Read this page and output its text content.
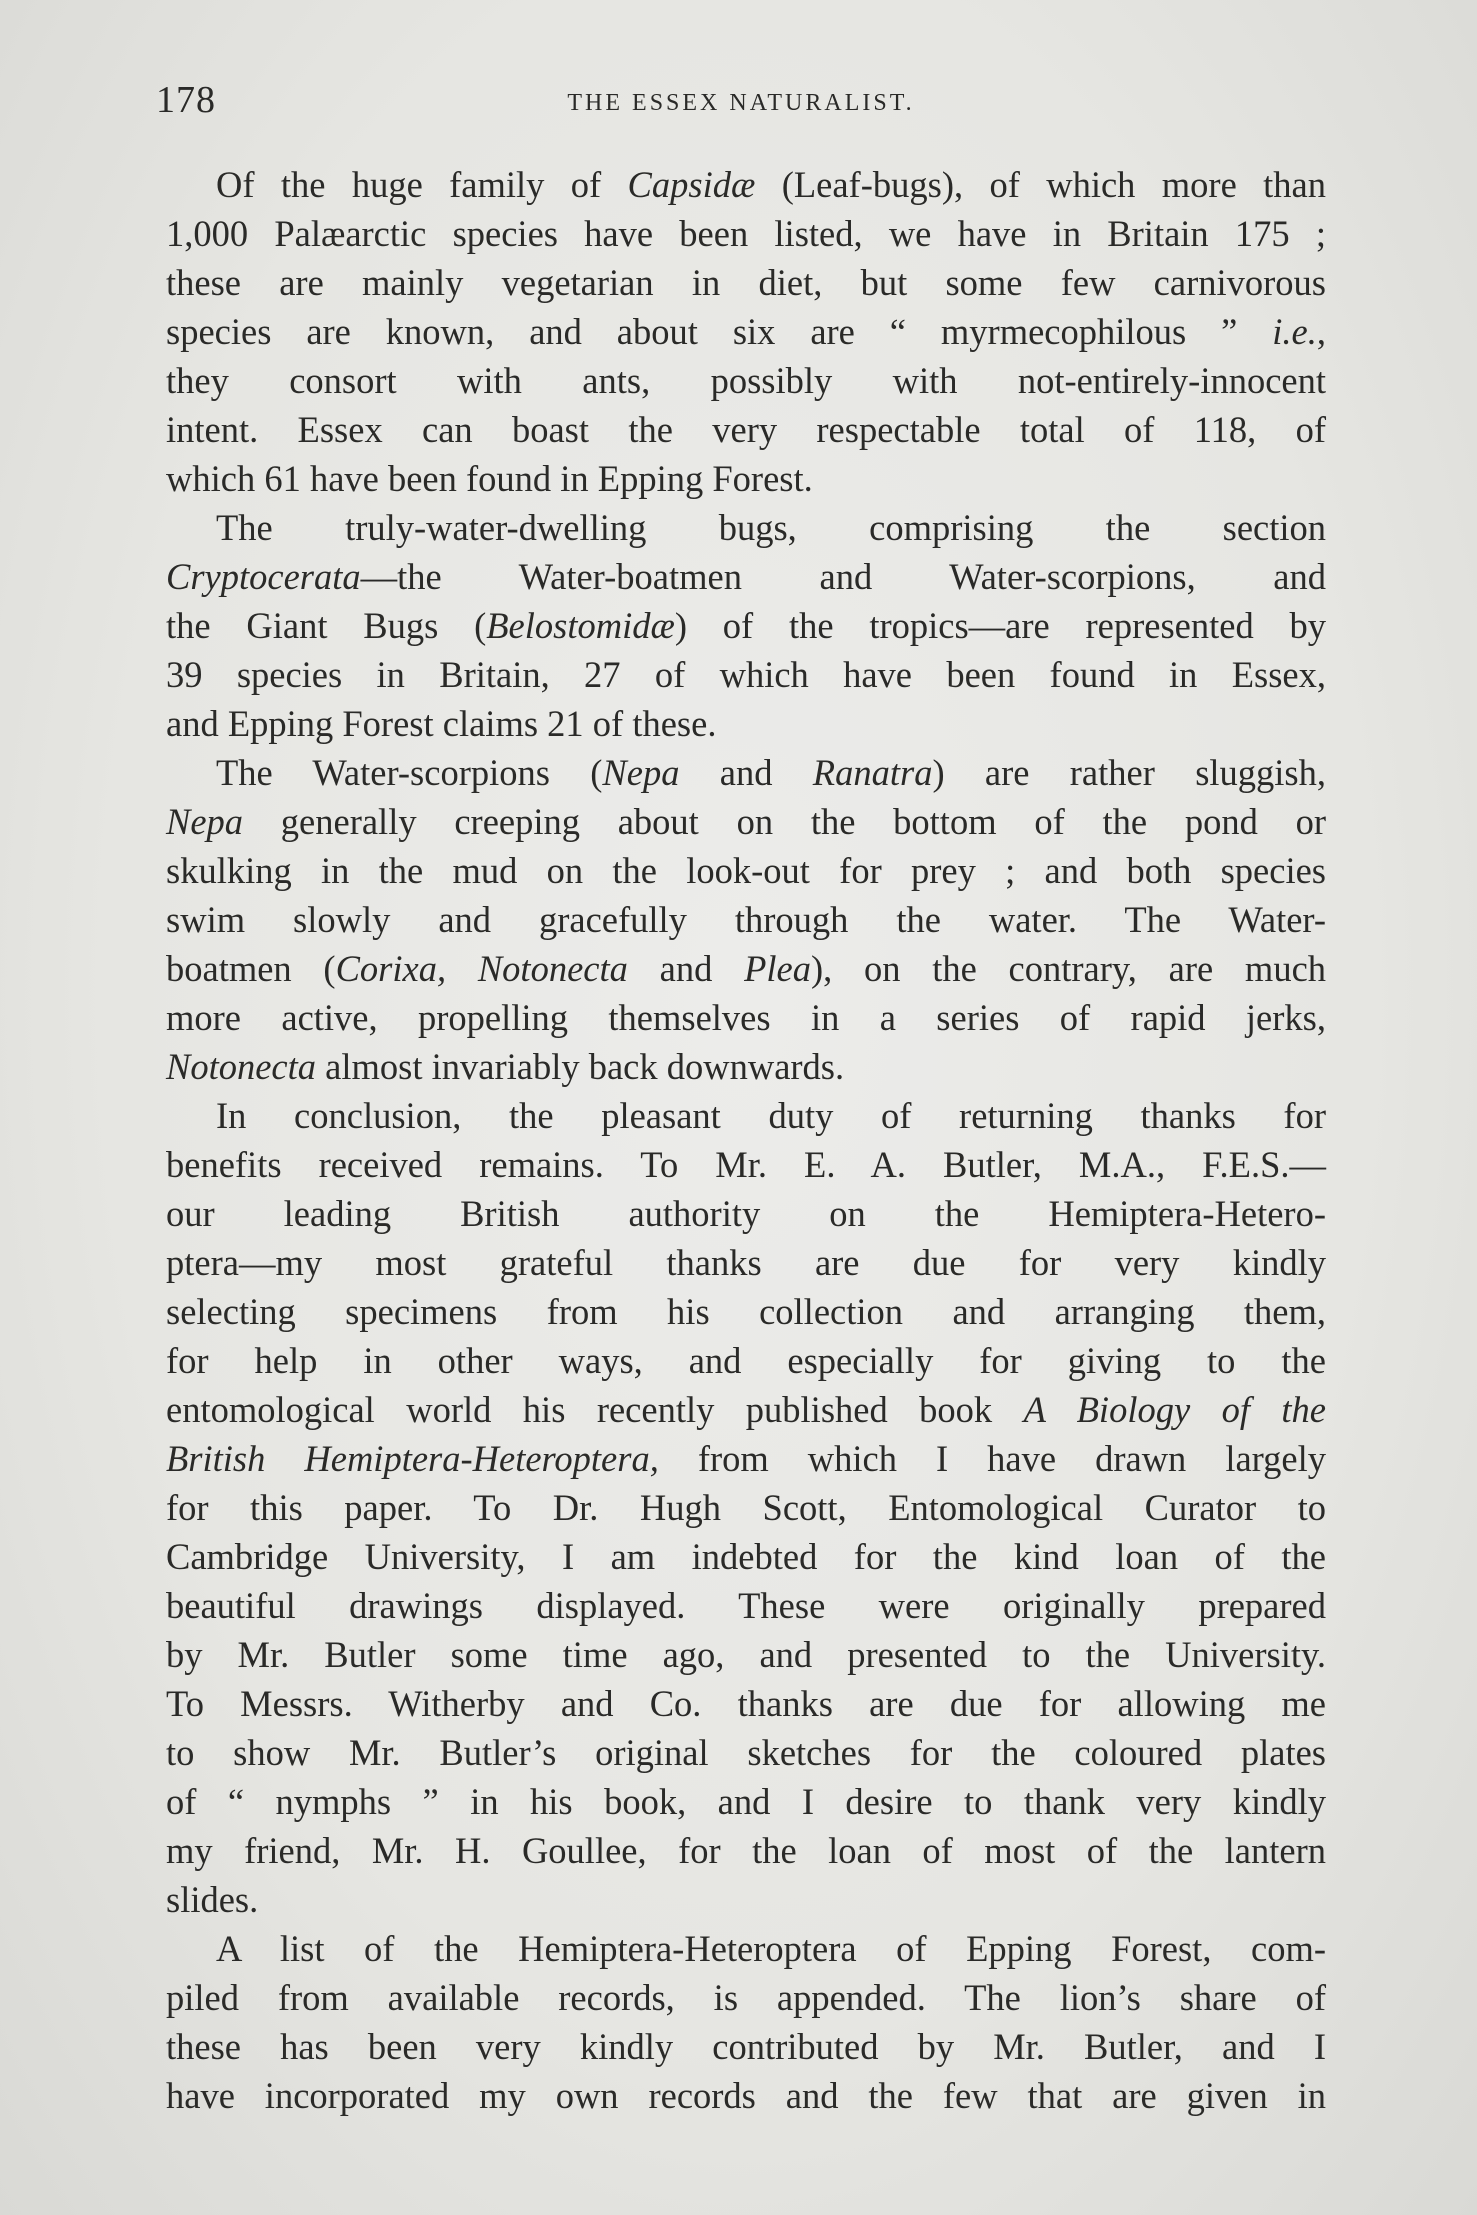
178	THE ESSEX NATURALIST.
Of the huge family of Capsidæ (Leaf-bugs), of which more than
1,000 Palæarctic species have been listed, we have in Britain 175 ;
these are mainly vegetarian in diet, but some few carnivorous
species are known, and about six are “ myrmecophilous ” i.e.,
they consort with ants, possibly with not-entirely-innocent
intent. Essex can boast the very respectable total of 118, of
which 61 have been found in Epping Forest.
The truly-water-dwelling bugs, comprising the section
Cryptocerata—the Water-boatmen and Water-scorpions, and
the Giant Bugs (Belostomidæ) of the tropics—are represented by
39 species in Britain, 27 of which have been found in Essex,
and Epping Forest claims 21 of these.
The Water-scorpions (Nepa and Ranatra) are rather sluggish,
Nepa generally creeping about on the bottom of the pond or
skulking in the mud on the look-out for prey ; and both species
swim slowly and gracefully through the water. The Water-
boatmen (Corixa, Notonecta and Plea), on the contrary, are much
more active, propelling themselves in a series of rapid jerks,
Notonecta almost invariably back downwards.
In conclusion, the pleasant duty of returning thanks for
benefits received remains. To Mr. E. A. Butler, M.A., F.E.S.—
our leading British authority on the Hemiptera-Hetero-
ptera—my most grateful thanks are due for very kindly
selecting specimens from his collection and arranging them,
for help in other ways, and especially for giving to the
entomological world his recently published book A Biology of the
British Hemiptera-Heteroptera, from which I have drawn largely
for this paper. To Dr. Hugh Scott, Entomological Curator to
Cambridge University, I am indebted for the kind loan of the
beautiful drawings displayed. These were originally prepared
by Mr. Butler some time ago, and presented to the University.
To Messrs. Witherby and Co. thanks are due for allowing me
to show Mr. Butler’s original sketches for the coloured plates
of “ nymphs ” in his book, and I desire to thank very kindly
my friend, Mr. H. Goullee, for the loan of most of the lantern
slides.
A list of the Hemiptera-Heteroptera of Epping Forest, com-
piled from available records, is appended. The lion’s share of
these has been very kindly contributed by Mr. Butler, and I
have incorporated my own records and the few that are given in
